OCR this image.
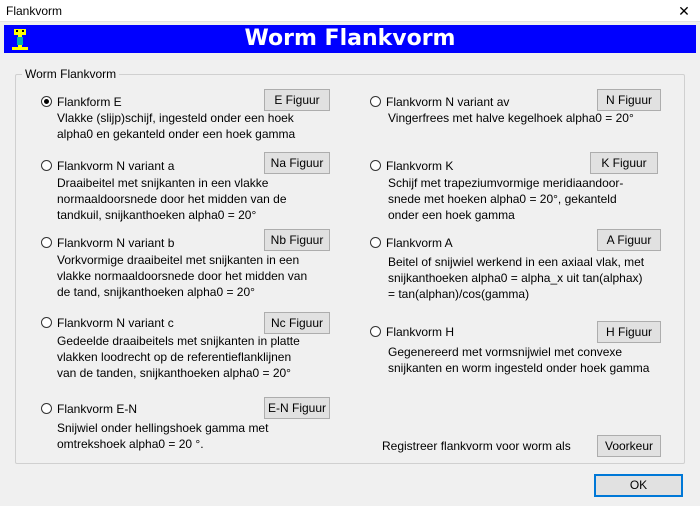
Flankvorm	✕
Worm Flankvorm
Worm Flankvorm
Flankform E	E Figuur
Vlakke (slijp)schijf, ingesteld onder een hoek
alpha0 en gekanteld onder een hoek gamma
Flankvorm N variant a	Na Figuur
Draaibeitel met snijkanten in een vlakke
normaaldoorsnede door het midden van de
tandkuil, snijkanthoeken alpha0 = 20°
Flankvorm N variant b	Nb Figuur
Vorkvormige draaibeitel met snijkanten in een
vlakke normaaldoorsnede door het midden van
de tand, snijkanthoeken alpha0 = 20°
Flankvorm N variant c	Nc Figuur
Gedeelde draaibeitels met snijkanten in platte
vlakken loodrecht op de referentieflanklijnen
van de tanden, snijkanthoeken alpha0 = 20°
Flankvorm E-N	E-N Figuur
Snijwiel onder hellingshoek gamma met
omtrekshoek alpha0 = 20 °.
Flankvorm N variant av	N Figuur
Vingerfrees met halve kegelhoek alpha0 = 20°
Flankvorm K	K Figuur
Schijf met trapeziumvormige meridiaandoor-
snede met hoeken alpha0 = 20°, gekanteld
onder een hoek gamma
Flankvorm A	A Figuur
Beitel of snijwiel werkend in een axiaal vlak, met
snijkanthoeken alpha0 = alpha_x uit tan(alphax)
= tan(alphan)/cos(gamma)
Flankvorm H	H Figuur
Gegenereerd met vormsnijwiel met convexe
snijkanten en worm ingesteld onder hoek gamma
Registreer flankvorm voor worm als	Voorkeur
OK
